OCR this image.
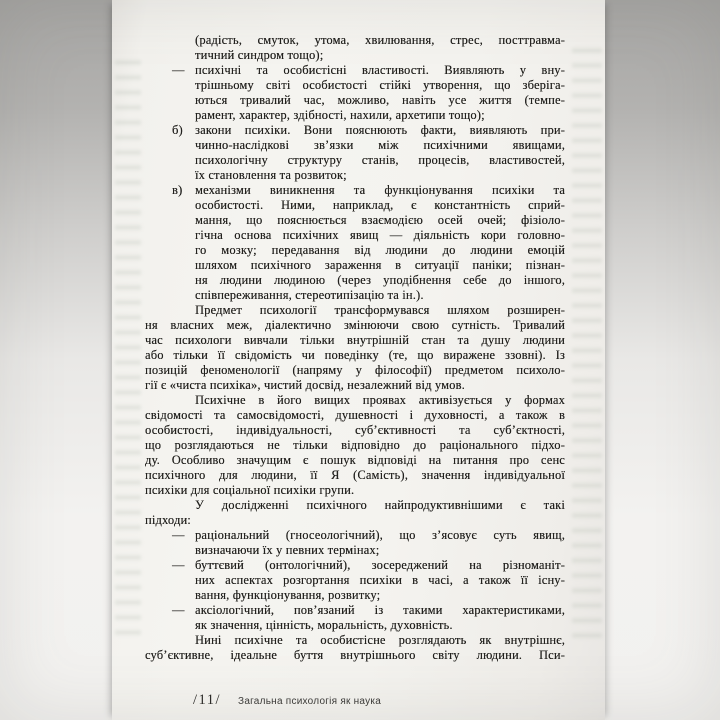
(радість, смуток, утома, хвилювання, стрес, посттравма-
тичний синдром тощо);
— психічні та особистісні властивості. Виявляють у вну-
трішньому світі особистості стійкі утворення, що зберіга-
ються тривалий час, можливо, навіть усе життя (темпе-
рамент, характер, здібності, нахили, архетипи тощо);
б) закони психіки. Вони пояснюють факти, виявляють при-
чинно-наслідкові зв’язки між психічними явищами,
психологічну структуру станів, процесів, властивостей,
їх становлення та розвиток;
в) механізми виникнення та функціонування психіки та
особистості. Ними, наприклад, є константність сприй-
мання, що пояснюється взаємодією осей очей; фізіоло-
гічна основа психічних явищ — діяльність кори головно-
го мозку; передавання від людини до людини емоцій
шляхом психічного зараження в ситуації паніки; пізнан-
ня людини людиною (через уподібнення себе до іншого,
співпереживання, стереотипізацію та ін.).
Предмет психології трансформувався шляхом розширен-
ня власних меж, діалектично змінюючи свою сутність. Тривалий
час психологи вивчали тільки внутрішній стан та душу людини
або тільки її свідомість чи поведінку (те, що виражене ззовні). Із
позицій феноменології (напряму у філософії) предметом психоло-
гії є «чиста психіка», чистий досвід, незалежний від умов.
Психічне в його вищих проявах активізується у формах
свідомості та самосвідомості, душевності і духовності, а також в
особистості, індивідуальності, суб’єктивності та суб’єктності,
що розглядаються не тільки відповідно до раціонального підхо-
ду. Особливо значущим є пошук відповіді на питання про сенс
психічного для людини, її Я (Самість), значення індивідуальної
психіки для соціальної психіки групи.
У дослідженні психічного найпродуктивнішими є такі
підходи:
— раціональний (гносеологічний), що з’ясовує суть явищ,
визначаючи їх у певних термінах;
— буттєвий (онтологічний), зосереджений на різноманіт-
них аспектах розгортання психіки в часі, а також її існу-
вання, функціонування, розвитку;
— аксіологічний, пов’язаний із такими характеристиками,
як значення, цінність, моральність, духовність.
Нині психічне та особистісне розглядають як внутрішнє,
суб’єктивне, ідеальне буття внутрішнього світу людини. Пси-
/11/ Загальна психологія як наука
